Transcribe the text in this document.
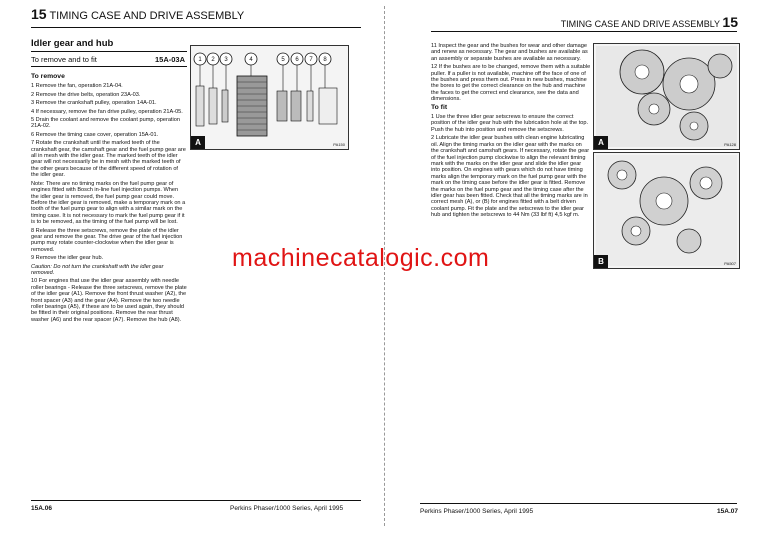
15 TIMING CASE AND DRIVE ASSEMBLY
Idler gear and hub
To remove and to fit	15A-03A
To remove

1 Remove the fan, operation 21A-04.

2 Remove the drive belts, operation 23A-03.

3 Remove the crankshaft pulley, operation 14A-01.

4 If necessary, remove the fan drive pulley, operation 21A-05.

5 Drain the coolant and remove the coolant pump, operation 21A-02.

6 Remove the timing case cover, operation 15A-01.

7 Rotate the crankshaft until the marked teeth of the crankshaft gear, the camshaft gear and the fuel pump gear are all in mesh with the idler gear. The marked teeth of the idler gear will not necessarily be in mesh with the marked teeth of the other gears because of the different speed of rotation of the idler gear.

Note: There are no timing marks on the fuel pump gear of engines fitted with Bosch in-line fuel injection pumps. When the idler gear is removed, the fuel pump gear could move. Before the idler gear is removed, make a temporary mark on a tooth of the fuel pump gear to align with a similar mark on the timing case. It is not necessary to mark the fuel pump gear if it is to be removed, as the timing of the fuel pump will be lost.

8 Release the three setscrews, remove the plate of the idler gear and remove the gear. The drive gear of the fuel injection pump may rotate counter-clockwise when the idler gear is removed.

9 Remove the idler gear hub.

Caution: Do not turn the crankshaft with the idler gear removed.

10 For engines that use the idler gear assembly with needle roller bearings - Release the three setscrews, remove the plate of the idler gear (A1). Remove the front thrust washer (A2), the front spacer (A3) and the gear (A4). Remove the two needle roller bearings (A5), if these are to be used again, they should be fitted in their original positions. Remove the rear thrust washer (A6) and the rear spacer (A7). Remove the hub (A8).

1 2 3	4	5 6 7 8
A	PA150
15A.06	Perkins Phaser/1000 Series, April 1995
TIMING CASE AND DRIVE ASSEMBLY 15

11 Inspect the gear and the bushes for wear and other damage and renew as necessary. The gear and bushes are available as an assembly or separate bushes are available as necessary.

12 If the bushes are to be changed, remove them with a suitable puller. If a puller is not available, machine off the face of one of the bushes and press them out. Press in new bushes, machine the bores to get the correct clearance on the hub and machine the faces to get the correct end clearance, see the data and dimensions.

To fit

1 Use the three idler gear setscrews to ensure the correct position of the idler gear hub with the lubrication hole at the top. Push the hub into position and remove the setscrews.

2 Lubricate the idler gear bushes with clean engine lubricating oil. Align the timing marks on the idler gear with the marks on the crankshaft and camshaft gears. If necessary, rotate the gear of the fuel injection pump clockwise to align the relevant timing mark with the marks on the idler gear and slide the idler gear into position. On engines with gears which do not have timing marks align the temporary mark on the fuel pump gear with the mark on the timing case before the idler gear is fitted. Remove the marks on the fuel pump gear and the timing case after the idler gear has been fitted. Check that all the timing marks are in correct mesh (A), or (B) for engines fitted with a belt driven coolant pump. Fit the plate and the setscrews to the idler gear hub and tighten the setscrews to 44 Nm (33 lbf ft) 4,5 kgf m.

A	PA128
B	PA507
Perkins Phaser/1000 Series, April 1995	15A.07
machinecatalogic.com
